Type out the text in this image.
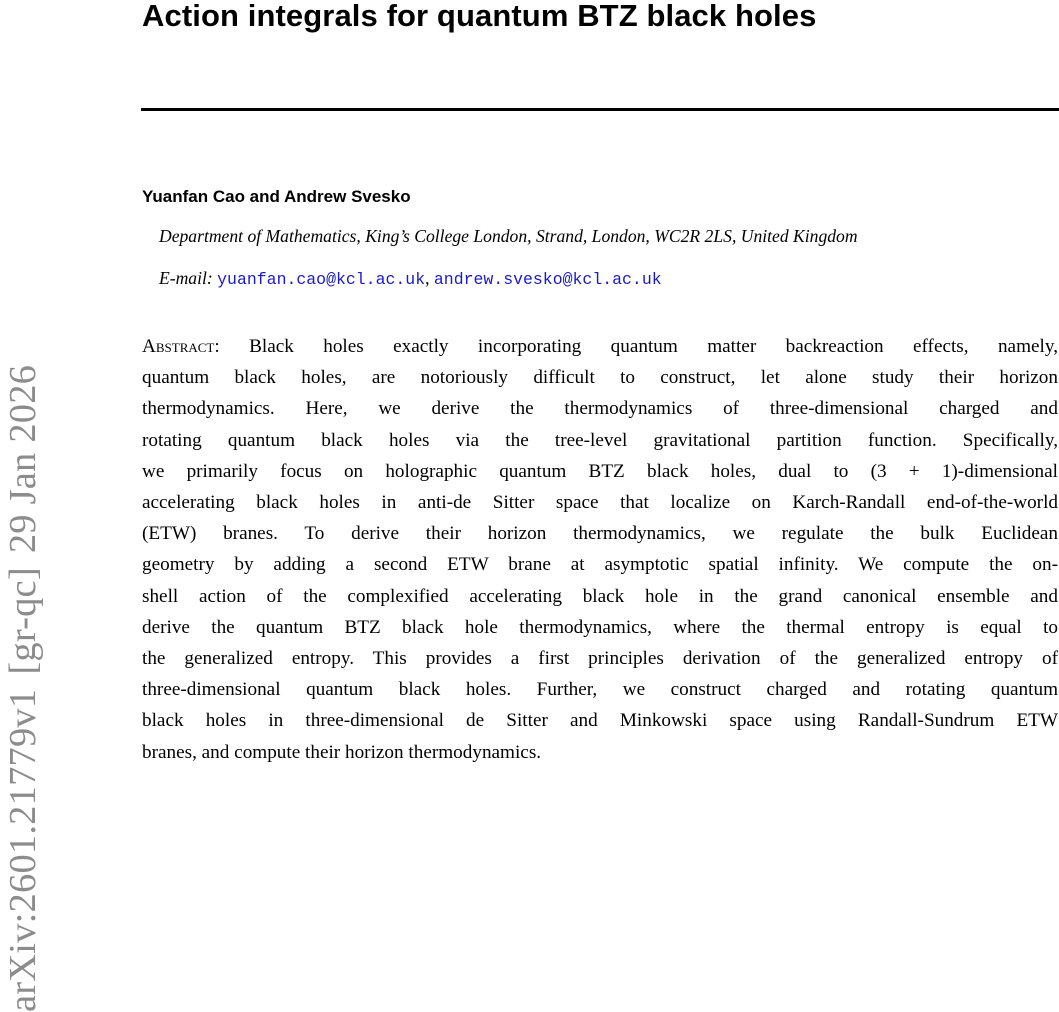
arXiv:2601.21779v1[gr-qc]29 Jan 2026
Action integrals for quantum BTZ black holes
Yuanfan Cao and Andrew Svesko
Department of Mathematics, King’s College London, Strand, London, WC2R 2LS, United Kingdom
E-mail: yuanfan.cao@kcl.ac.uk, andrew.svesko@kcl.ac.uk
Abstract: Black holes exactly incorporating quantum matter backreaction effects, namely,
quantum black holes, are notoriously difficult to construct, let alone study their horizon
thermodynamics. Here, we derive the thermodynamics of three-dimensional charged and
rotating quantum black holes via the tree-level gravitational partition function. Specifically,
we primarily focus on holographic quantum BTZ black holes, dual to (3 + 1)-dimensional
accelerating black holes in anti-de Sitter space that localize on Karch-Randall end-of-the-world
(ETW) branes. To derive their horizon thermodynamics, we regulate the bulk Euclidean
geometry by adding a second ETW brane at asymptotic spatial infinity. We compute the on-
shell action of the complexified accelerating black hole in the grand canonical ensemble and
derive the quantum BTZ black hole thermodynamics, where the thermal entropy is equal to
the generalized entropy. This provides a first principles derivation of the generalized entropy of
three-dimensional quantum black holes. Further, we construct charged and rotating quantum
black holes in three-dimensional de Sitter and Minkowski space using Randall-Sundrum ETW
branes, and compute their horizon thermodynamics.
